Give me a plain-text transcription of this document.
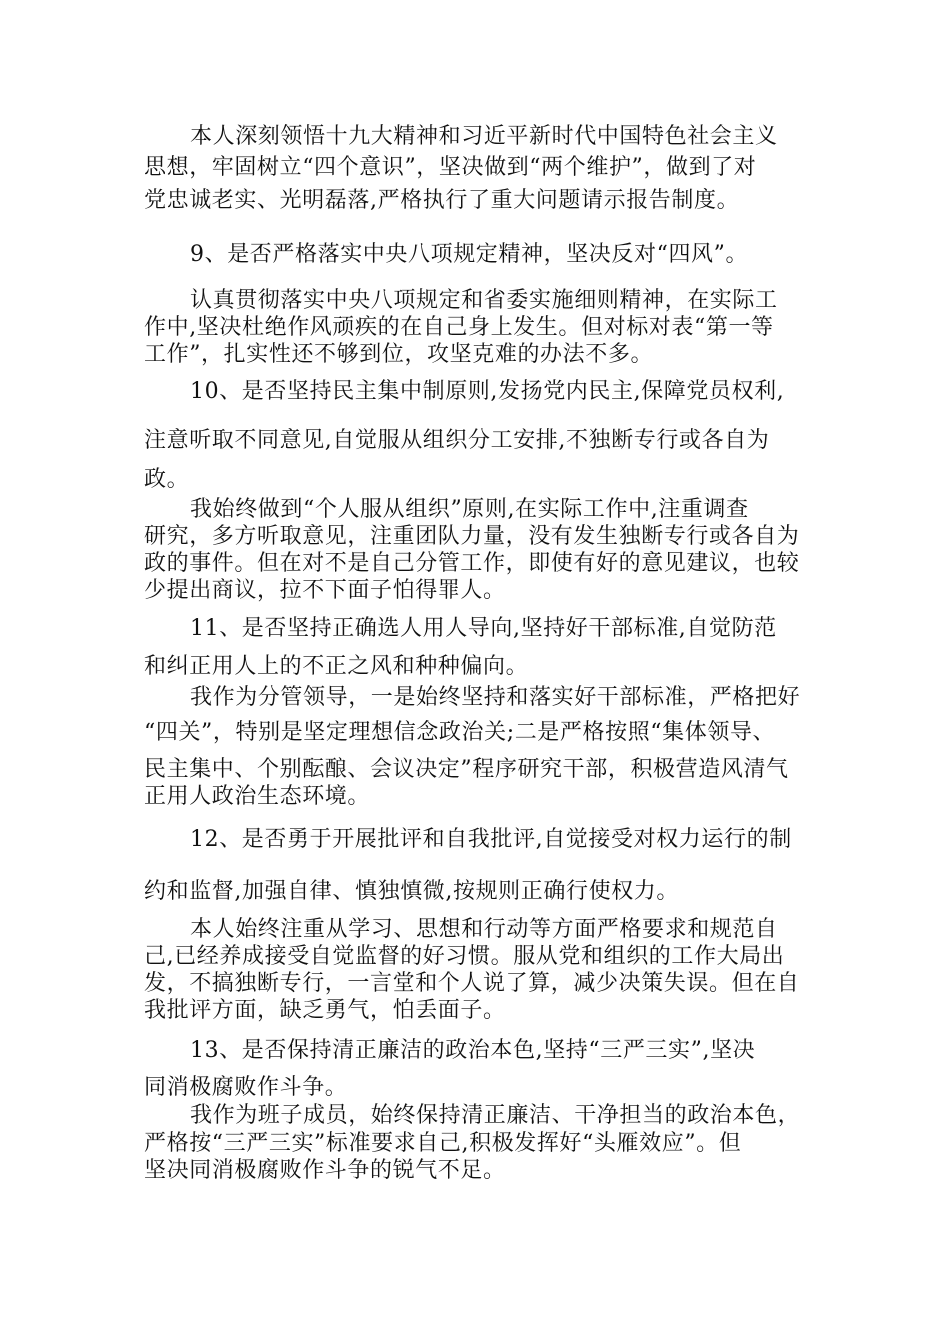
本人深刻领悟十九大精神和习近平新时代中国特色社会主义
思想，牢固树立“四个意识”，坚决做到“两个维护”，做到了对
党忠诚老实、光明磊落,严格执行了重大问题请示报告制度。
9、是否严格落实中央八项规定精神，坚决反对“四风”。
认真贯彻落实中央八项规定和省委实施细则精神，在实际工
作中,坚决杜绝作风顽疾的在自己身上发生。但对标对表“第一等
工作”，扎实性还不够到位，攻坚克难的办法不多。
10、是否坚持民主集中制原则,发扬党内民主,保障党员权利,
注意听取不同意见,自觉服从组织分工安排,不独断专行或各自为
政。
我始终做到“个人服从组织”原则,在实际工作中,注重调查
研究，多方听取意见，注重团队力量，没有发生独断专行或各自为
政的事件。但在对不是自己分管工作，即使有好的意见建议，也较
少提出商议，拉不下面子怕得罪人。
11、是否坚持正确选人用人导向,坚持好干部标准,自觉防范
和纠正用人上的不正之风和种种偏向。
我作为分管领导，一是始终坚持和落实好干部标准，严格把好
“四关”，特别是坚定理想信念政治关;二是严格按照“集体领导、
民主集中、个别酝酿、会议决定”程序研究干部，积极营造风清气
正用人政治生态环境。
12、是否勇于开展批评和自我批评,自觉接受对权力运行的制
约和监督,加强自律、慎独慎微,按规则正确行使权力。
本人始终注重从学习、思想和行动等方面严格要求和规范自
己,已经养成接受自觉监督的好习惯。服从党和组织的工作大局出
发，不搞独断专行，一言堂和个人说了算，减少决策失误。但在自
我批评方面，缺乏勇气，怕丢面子。
13、是否保持清正廉洁的政治本色,坚持“三严三实”,坚决
同消极腐败作斗争。
我作为班子成员，始终保持清正廉洁、干净担当的政治本色，
严格按“三严三实”标准要求自己,积极发挥好“头雁效应”。但
坚决同消极腐败作斗争的锐气不足。
